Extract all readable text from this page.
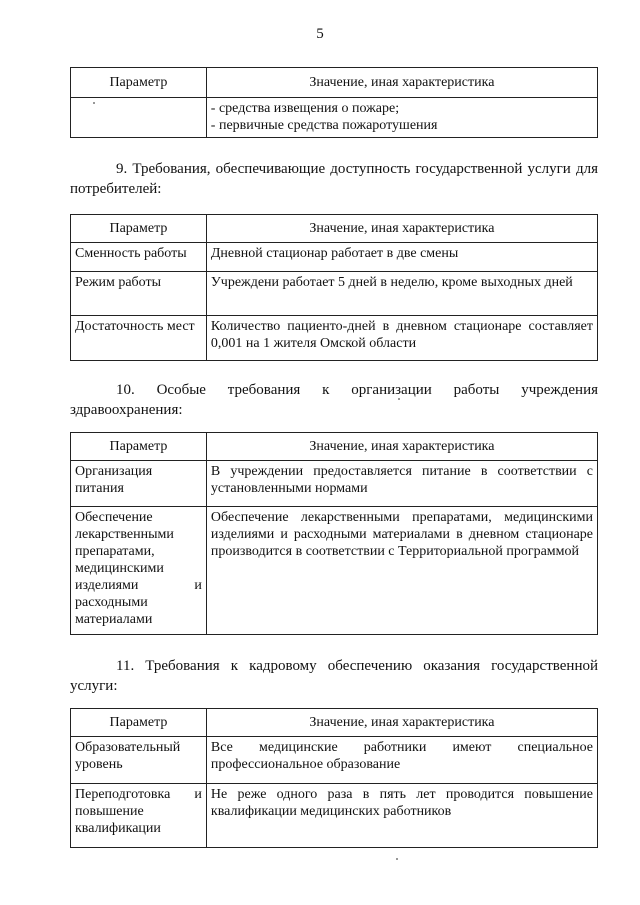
5
Параметр	Значение, иная характеристика

	- средства извещения о пожаре;
- первичные средства пожаротушения
9. Требования, обеспечивающие доступность государственной услуги для потребителей:
Параметр	Значение, иная характеристика
Сменность работы	Дневной стационар работает в две смены
Режим работы	Учреждени работает 5 дней в неделю, кроме выходных дней
Достаточность мест	Количество пациенто-дней в дневном стационаре составляет 0,001 на 1 жителя Омской области
10. Особые требования к организации работы учреждения здравоохранения:
Параметр	Значение, иная характеристика
Организация питания	В учреждении предоставляется питание в соответствии с установленными нормами
Обеспечение лекарственными препаратами, медицинскими изделиями и расходными материалами	Обеспечение лекарственными препаратами, медицинскими изделиями и расходными материалами в дневном стационаре производится в соответствии с Территориальной программой
11. Требования к кадровому обеспечению оказания государственной услуги:
Параметр	Значение, иная характеристика
Образовательный уровень	Все медицинские работники имеют специальное профессиональное образование
Переподготовка и повышение квалификации	Не реже одного раза в пять лет проводится повышение квалификации медицинских работников
